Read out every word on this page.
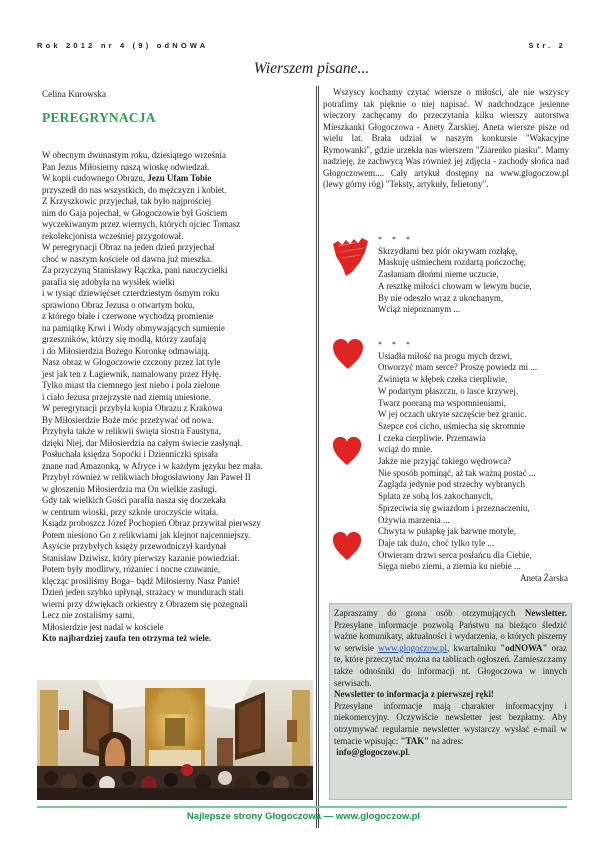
Rok 2012 nr 4 (9) odNOWA	Str. 2
Wierszem pisane...
Celina Kurowska
PEREGRYNACJA
W obecnym dwunastym roku, dziesiątego września
Pan Jezus Miłosierny naszą wioskę odwiedzał.
W kopii cudownego Obrazu, Jezu Ufam Tobie
przyszedł do nas wszystkich, do mężczyzn i kobiet.
Z Krzyszkowic przyjechał, tak było najprościej
nim do Gaja pojechał, w Głogoczowie był Gościem
wyczekiwanym przez wiernych, których ojciec Tomasz
rekolekcjonista wcześniej przygotował.
W peregrynacji Obraz na jeden dzień przyjechał
choć w naszym kościele od dawna już mieszka.
Za przyczyną Stanisławy Rączka, pani nauczycielki
parafia się zdobyła na wysiłek wielki
i w tysiąc dziewięćset czterdziestym ósmym roku
sprawiono Obraz Jezusa o otwartym boku,
z którego białe i czerwone wychodzą promienie
na pamiątkę Krwi i Wody obmywających sumienie
grzeszników, którzy się modlą, którzy zaufają
i do Miłosierdzia Bożego Koronkę odmawiają.
Nasz obraz w Głogoczowie czczony przez lat tyle
jest jak ten z Łagiewnik, namalowany przez Hyłę.
Tylko miast tła ciemnego jest niebo i pola zielone
i ciało Jezusa przejrzyste nad ziemią uniesione.
W peregrynacji przybyła kopia Obrazu z Krakowa
By Miłosierdzie Boże móc przeżywać od nowa.
Przybyła także w relikwii święta siostra Faustyna,
dzięki Niej, dar Miłosierdzia na całym świecie zasłynął.
Posłuchała księdza Sopoćki i Dzienniczki spisała
znane nad Amazonką, w Afryce i w każdym języku bez mała.
Przybył również w relikwiach błogosławiony Jan Paweł II
w głoszeniu Miłosierdzia ma On wielkie zasługi.
Gdy tak wielkich Gości parafia nasza się doczekała
w centrum wioski, przy szkole uroczyście witała.
Ksiądz proboszcz Józef Pochopień Obraz przywitał pierwszy
Potem niesiono Go z relikwiami jak klejnot najcenniejszy.
Asyście przybyłych księży przewodniczył kardynał
Stanisław Dziwisz, który pierwszy kazanie powiedział.
Potem były modlitwy, różaniec i nocne czuwanie,
klęcząc prosiliśmy Boga– bądź Miłosierny Nasz Panie!
Dzień jeden szybko upłynął, strażacy w mundurach stali
wierni przy dźwiękach orkiestry z Obrazem się pożegnali
Lecz nie zostaliśmy sami,
Miłosierdzie jest nadal w kościele
Kto najbardziej zaufa ten otrzyma też wiele.

Wszyscy kochamy czytać wiersze o miłości, ale nie wszyscy potrafimy tak pięknie o niej napisać. W nadchodzące jesienne wieczory zachęcamy do przeczytania kilku wierszy autorstwa Mieszkanki Głogoczowa - Anety Żarskiej. Aneta wiersze pisze od wielu lat. Brała udział w naszym konkursie "Wakacyjne Rymowanki", gdzie urzekła nas wierszem "Ziarenko piasku". Mamy nadzieję, że zachwycą Was również jej zdjęcia - zachody słońca nad Głogoczowem.... Cały artykuł dostępny na www.glogoczow.pl (lewy górny róg) "Teksty, artykuły, felietony".

* * *
Skrzydłami bez piór okrywam rozłąkę,
Maskuję uśmiechem rozdartą pończochę,
Zasłaniam dłońmi nieme uczucie,
A resztkę miłości chowam w lewym bucie,
By nie odeszło wraz z ukochanym,
Wciąż niepoznanym ...
* * *
Usiadła miłość na progu mych drzwi,
Otworzyć mam serce? Proszę powiedz mi ...
Zwinięta w kłębek czeka cierpliwie,
W podartym płaszczu, o lasce krzywej,
Twarz pooraną ma wspomnieniami,
W jej oczach ukryte szczęście bez granic.
Szepce coś cicho, uśmiecha się skromnie
I czeka cierpliwie. Przemawia
wciąż do mnie.
Jakże nie przyjąć takiego wędrowca?
Nie sposób pominąć, aż tak ważną postać ...
Zagląda jedynie pod strzechy wybranych
Splata ze sobą los zakochanych,
Sprzeciwia się gwiazdom i przeznaczeniu,
Ożywia marzenia ...
Chwyta w pułapkę jak barwne motyle,
Daje tak dużo, choć tylko tyle ...
Otwieram drzwi serca posłańcu dla Ciebie,
Sięga niebo ziemi, a ziemia ku niebie ...
Aneta Żarska
Zapraszamy do grona osób otrzymujących Newsletter. Przesyłane informacje pozwolą Państwu na bieżąco śledzić ważne komunikaty, aktualności i wydarzenia, o których piszemy w serwisie www.glogoczow.pl, kwartalniku "odNOWA" oraz te, które przeczytać można na tablicach ogłoszeń. Zamieszczamy także odnośniki do informacji nt. Głogoczowa w innych serwisach.
Newsletter to informacja z pierwszej ręki!
Przesyłane informacje mają charakter informacyjny i niekomercyjny. Oczywiście newsletter jest bezpłatny. Aby otrzymywać regularnie newsletter wystarczy wysłać e-mail w temacie wpisując: "TAK" na adres:
info@glogoczow.pl.
Najlepsze strony Głogoczowa — www.glogoczow.pl
